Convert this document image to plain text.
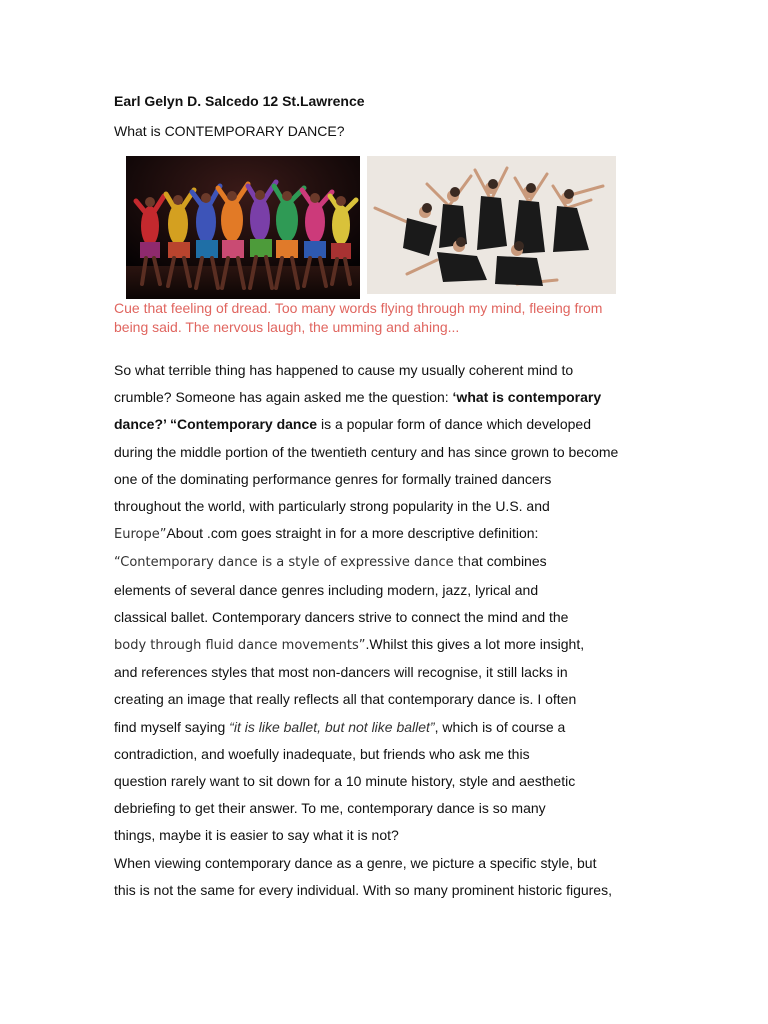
Earl Gelyn D. Salcedo 12 St.Lawrence

What is CONTEMPORARY DANCE?

Cue that feeling of dread. Too many words flying through my mind, fleeing from
being said. The nervous laugh, the umming and ahing...

So what terrible thing has happened to cause my usually coherent mind to
crumble? Someone has again asked me the question: ‘what is contemporary
dance?’ “Contemporary dance is a popular form of dance which developed
during the middle portion of the twentieth century and has since grown to become
one of the dominating performance genres for formally trained dancers
throughout the world, with particularly strong popularity in the U.S. and
Europe”About .com goes straight in for a more descriptive definition:
“Contemporary dance is a style of expressive dance that combines
elements of several dance genres including modern, jazz, lyrical and
classical ballet. Contemporary dancers strive to connect the mind and the
body through fluid dance movements”.Whilst this gives a lot more insight,
and references styles that most non-dancers will recognise, it still lacks in
creating an image that really reflects all that contemporary dance is. I often
find myself saying “it is like ballet, but not like ballet”, which is of course a
contradiction, and woefully inadequate, but friends who ask me this
question rarely want to sit down for a 10 minute history, style and aesthetic
debriefing to get their answer. To me, contemporary dance is so many
things, maybe it is easier to say what it is not?
When viewing contemporary dance as a genre, we picture a specific style, but
this is not the same for every individual. With so many prominent historic figures,
